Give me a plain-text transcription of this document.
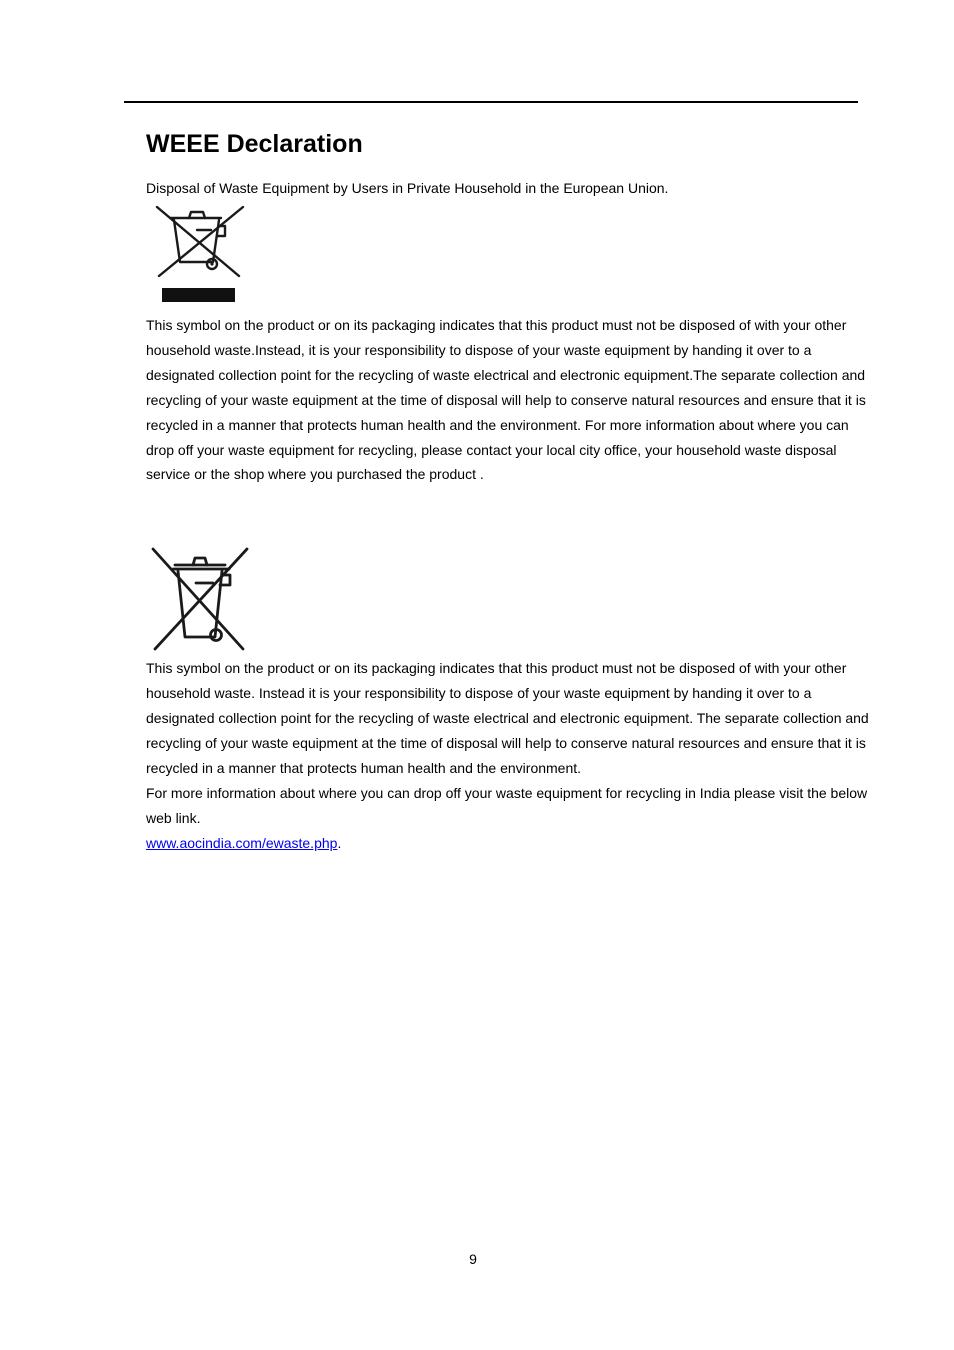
WEEE Declaration

Disposal of Waste Equipment by Users in Private Household in the European Union.

This symbol on the product or on its packaging indicates that this product must not be disposed of with your other household waste.Instead, it is your responsibility to dispose of your waste equipment by handing it over to a designated collection point for the recycling of waste electrical and electronic equipment.The separate collection and recycling of your waste equipment at the time of disposal will help to conserve natural resources and ensure that it is recycled in a manner that protects human health and the environment. For more information about where you can drop off your waste equipment for recycling, please contact your local city office, your household waste disposal service or the shop where you purchased the product .

This symbol on the product or on its packaging indicates that this product must not be disposed of with your other household waste. Instead it is your responsibility to dispose of your waste equipment by handing it over to a designated collection point for the recycling of waste electrical and electronic equipment. The separate collection and recycling of your waste equipment at the time of disposal will help to conserve natural resources and ensure that it is recycled in a manner that protects human health and the environment.

For more information about where you can drop off your waste equipment for recycling in India please visit the below web link.

www.aocindia.com/ewaste.php.

9
